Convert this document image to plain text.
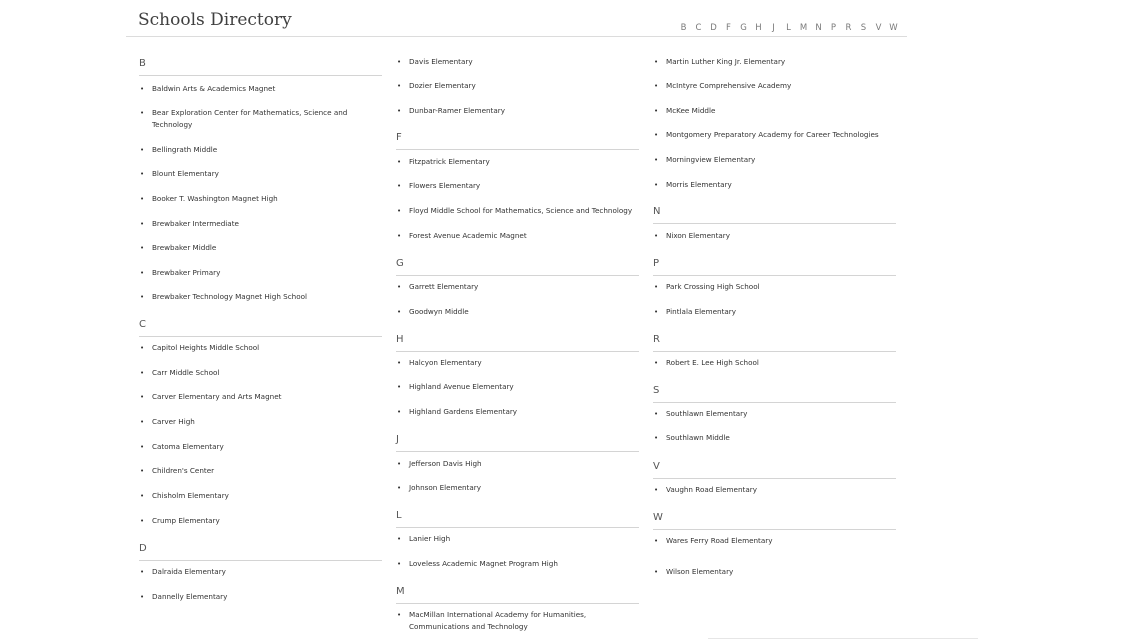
Schools Directory	B	C	D	F	G	H	J	L	M N	P	R	S	V W
B
• Baldwin Arts & Academics Magnet
• Bear Exploration Center for Mathematics, Science and Technology
• Bellingrath Middle
• Blount Elementary
• Booker T. Washington Magnet High
• Brewbaker Intermediate
• Brewbaker Middle
• Brewbaker Primary
• Brewbaker Technology Magnet High School
C
• Capitol Heights Middle School
• Carr Middle School
• Carver Elementary and Arts Magnet
• Carver High
• Catoma Elementary
• Children's Center
• Chisholm Elementary
• Crump Elementary
D
• Dalraida Elementary
• Dannelly Elementary
• Davis Elementary
• Dozier Elementary
• Dunbar-Ramer Elementary
F
• Fitzpatrick Elementary
• Flowers Elementary
• Floyd Middle School for Mathematics, Science and Technology
• Forest Avenue Academic Magnet
G
• Garrett Elementary
• Goodwyn Middle
H
• Halcyon Elementary
• Highland Avenue Elementary
• Highland Gardens Elementary
J
• Jefferson Davis High
• Johnson Elementary
L
• Lanier High
• Loveless Academic Magnet Program High
M
• MacMillan International Academy for Humanities, Communications and Technology
• Martin Luther King Jr. Elementary
• McIntyre Comprehensive Academy
• McKee Middle
• Montgomery Preparatory Academy for Career Technologies
• Morningview Elementary
• Morris Elementary
N
• Nixon Elementary
P
• Park Crossing High School
• Pintlala Elementary
R
• Robert E. Lee High School
S
• Southlawn Elementary
• Southlawn Middle
V
• Vaughn Road Elementary
W
• Wares Ferry Road Elementary
• Wilson Elementary
